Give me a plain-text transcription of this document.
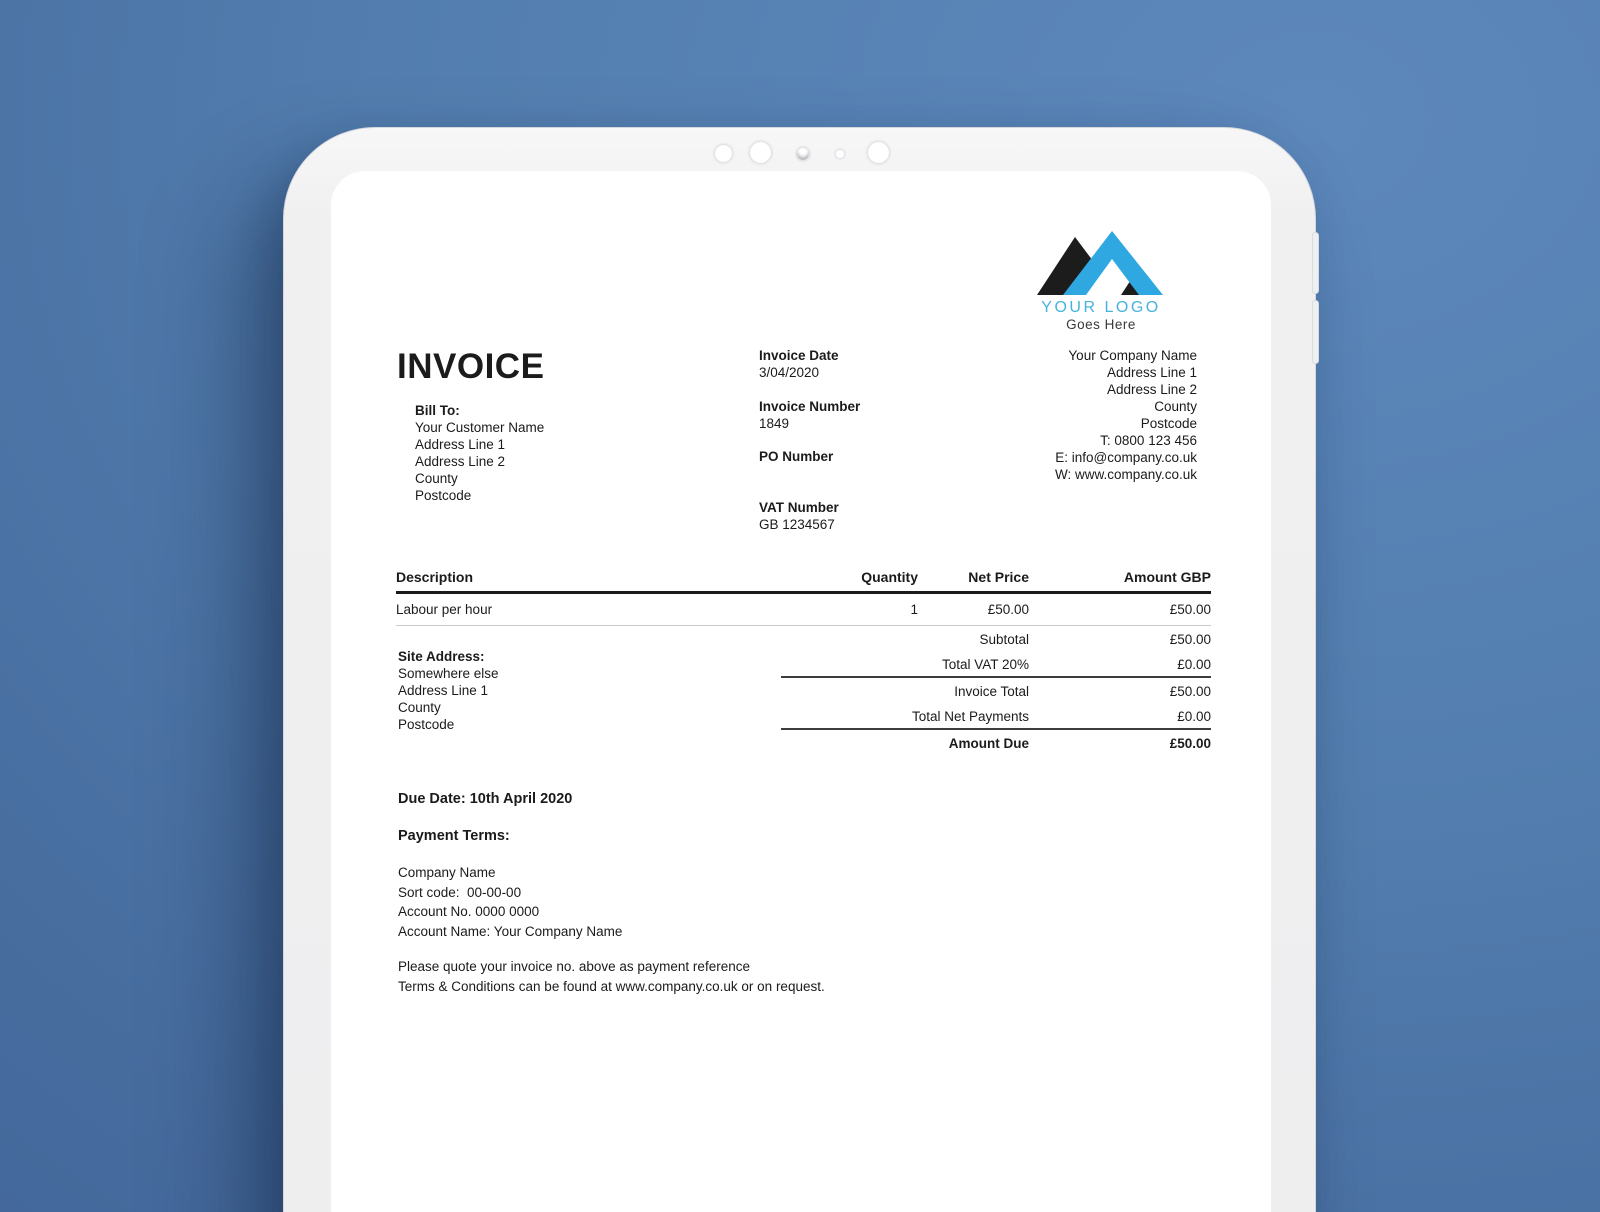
YOUR LOGO
Goes Here
INVOICE
Bill To:
Your Customer Name
Address Line 1
Address Line 2
County
Postcode
Invoice Date
3/04/2020
Invoice Number
1849
PO Number
VAT Number
GB 1234567
Your Company Name
Address Line 1
Address Line 2
County
Postcode
T: 0800 123 456
E: info@company.co.uk
W: www.company.co.uk
Description	Quantity	Net Price	Amount GBP
Labour per hour	1	£50.00	£50.00
Site Address:
Somewhere else
Address Line 1
County
Postcode
Subtotal	£50.00
Total VAT 20%	£0.00
Invoice Total	£50.00
Total Net Payments	£0.00
Amount Due	£50.00
Due Date: 10th April 2020
Payment Terms:
Company Name
Sort code:  00-00-00
Account No. 0000 0000
Account Name: Your Company Name
Please quote your invoice no. above as payment reference
Terms & Conditions can be found at www.company.co.uk or on request.
